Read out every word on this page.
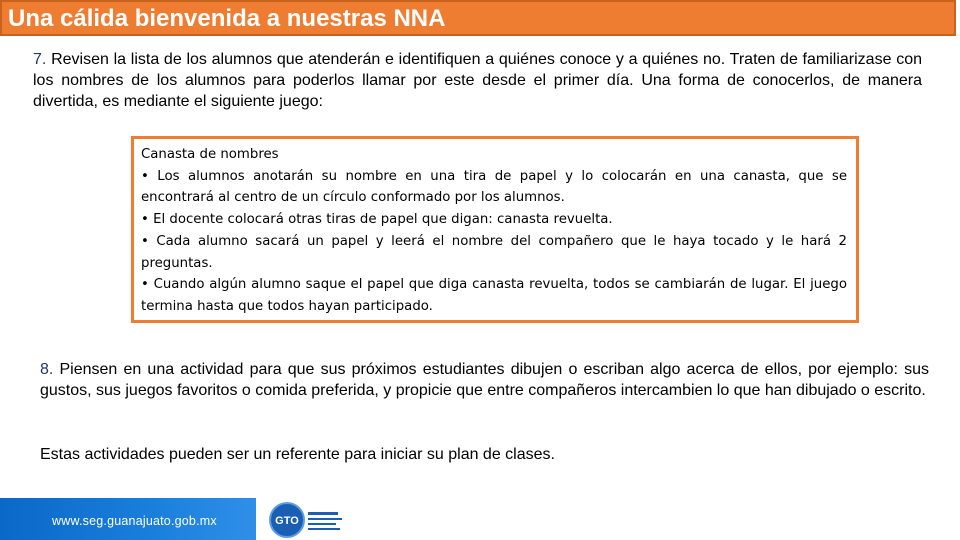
Una cálida bienvenida a nuestras NNA

7. Revisen la lista de los alumnos que atenderán e identifiquen a quiénes conoce y a quiénes no. Traten de familiarizase con los nombres de los alumnos para poderlos llamar por este desde el primer día. Una forma de conocerlos, de manera divertida, es mediante el siguiente juego:

Canasta de nombres

• Los alumnos anotarán su nombre en una tira de papel y lo colocarán en una canasta, que se encontrará al centro de un círculo conformado por los alumnos.

• El docente colocará otras tiras de papel que digan: canasta revuelta.

• Cada alumno sacará un papel y leerá el nombre del compañero que le haya tocado y le hará 2 preguntas.

• Cuando algún alumno saque el papel que diga canasta revuelta, todos se cambiarán de lugar. El juego termina hasta que todos hayan participado.

8. Piensen en una actividad para que sus próximos estudiantes dibujen o escriban algo acerca de ellos, por ejemplo: sus gustos, sus juegos favoritos o comida preferida, y propicie que entre compañeros intercambien lo que han dibujado o escrito.

Estas actividades pueden ser un referente para iniciar su plan de clases.

www.seg.guanajuato.gob.mx	GTO
